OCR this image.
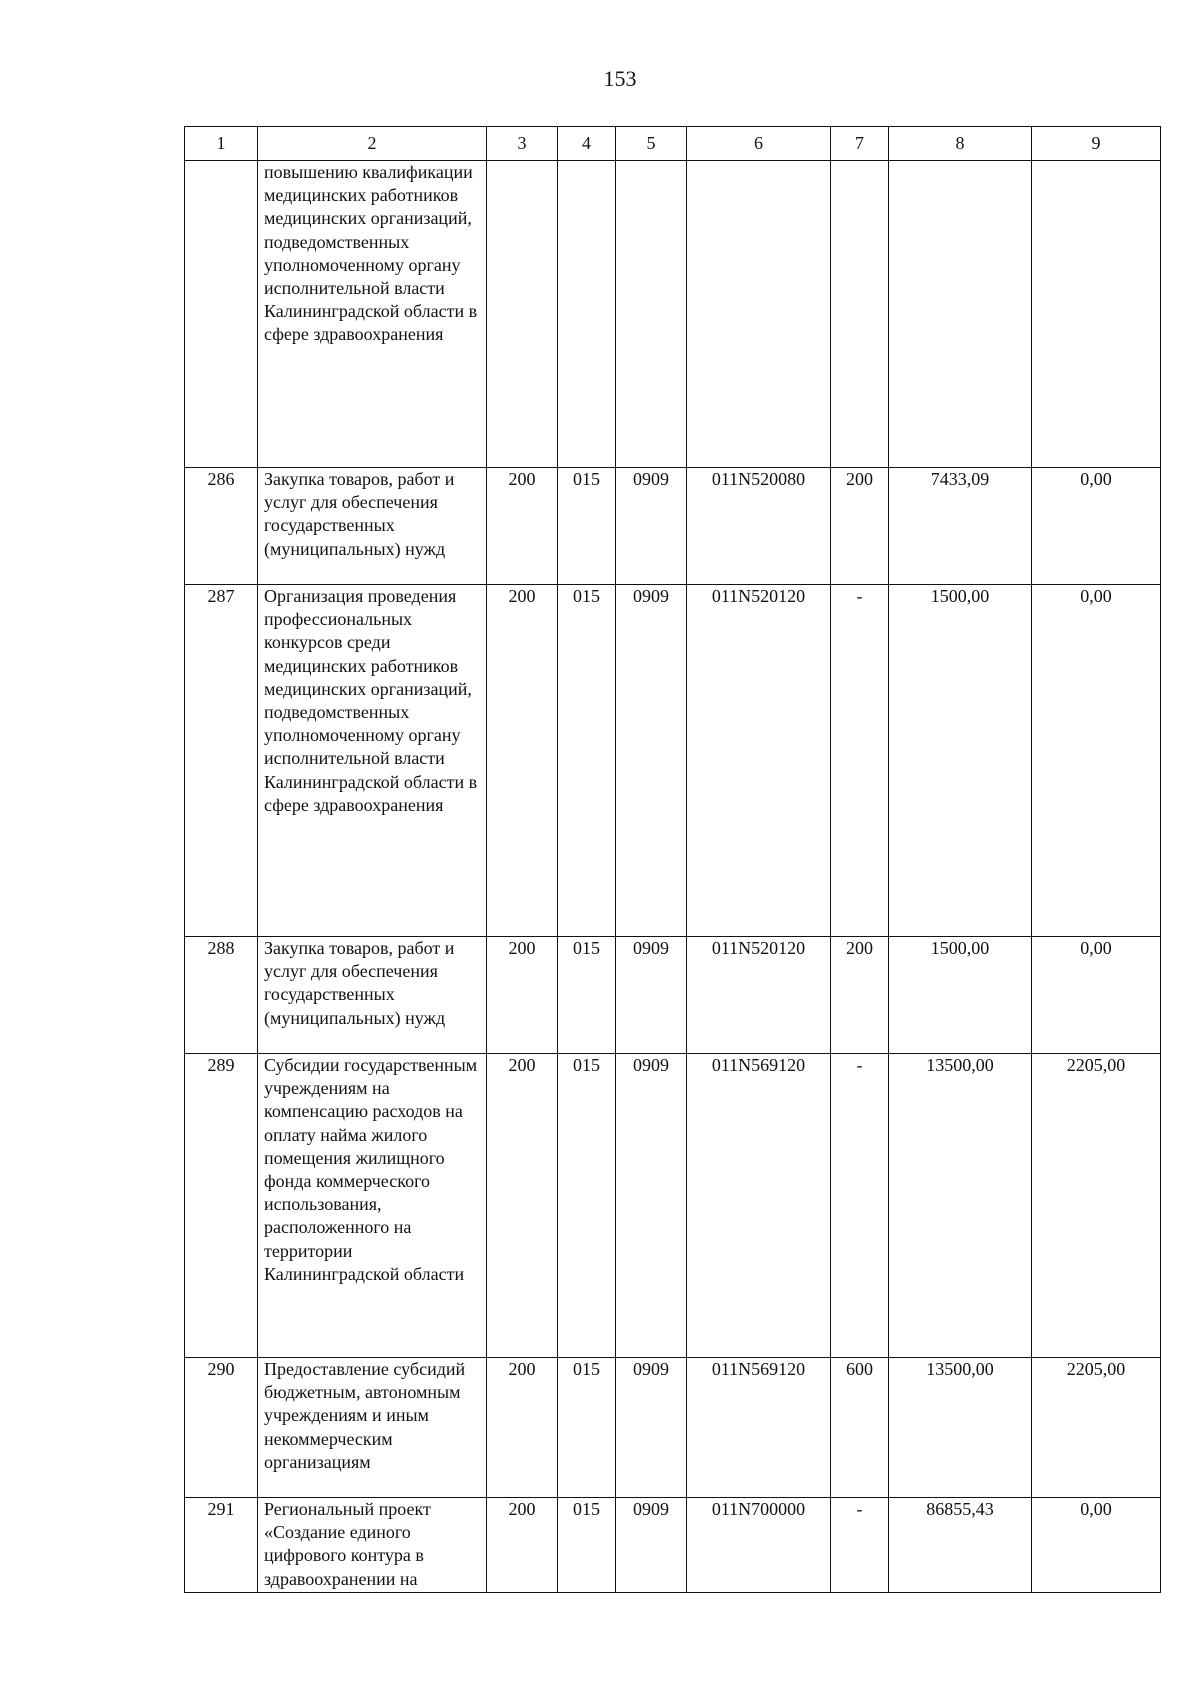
153
1	2	3	4	5	6	7	8	9
	повышению квалификации медицинских работников медицинских организаций, подведомственных уполномоченному органу исполнительной власти Калининградской области в сфере здравоохранения							
286	Закупка товаров, работ и услуг для обеспечения государственных (муниципальных) нужд	200	015	0909	011N520080	200	7433,09	0,00
287	Организация проведения профессиональных конкурсов среди медицинских работников медицинских организаций, подведомственных уполномоченному органу исполнительной власти Калининградской области в сфере здравоохранения	200	015	0909	011N520120	-	1500,00	0,00
288	Закупка товаров, работ и услуг для обеспечения государственных (муниципальных) нужд	200	015	0909	011N520120	200	1500,00	0,00
289	Субсидии государственным учреждениям на компенсацию расходов на оплату найма жилого помещения жилищного фонда коммерческого использования, расположенного на территории Калининградской области	200	015	0909	011N569120	-	13500,00	2205,00
290	Предоставление субсидий бюджетным, автономным учреждениям и иным некоммерческим организациям	200	015	0909	011N569120	600	13500,00	2205,00
291	Региональный проект «Создание единого цифрового контура в здравоохранении на	200	015	0909	011N700000	-	86855,43	0,00
